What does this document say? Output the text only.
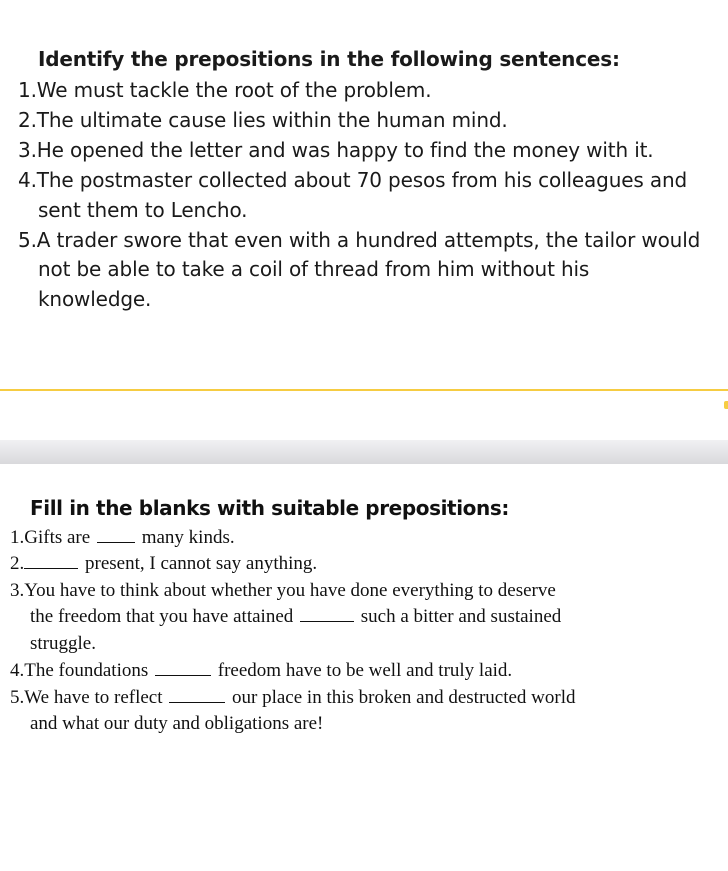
Identify the prepositions in the following sentences:
1.We must tackle the root of the problem.
2.The ultimate cause lies within the human mind.
3.He opened the letter and was happy to find the money with it.
4.The postmaster collected about 70 pesos from his colleagues and
sent them to Lencho.
5.A trader swore that even with a hundred attempts, the tailor would
not be able to take a coil of thread from him without his
knowledge.
Fill in the blanks with suitable prepositions:
1.Gifts are	many kinds.
2.	present, I cannot say anything.
3.You have to think about whether you have done everything to deserve
the freedom that you have attained	such a bitter and sustained
struggle.
4.The foundations	freedom have to be well and truly laid.
5.We have to reflect	our place in this broken and destructed world
and what our duty and obligations are!
